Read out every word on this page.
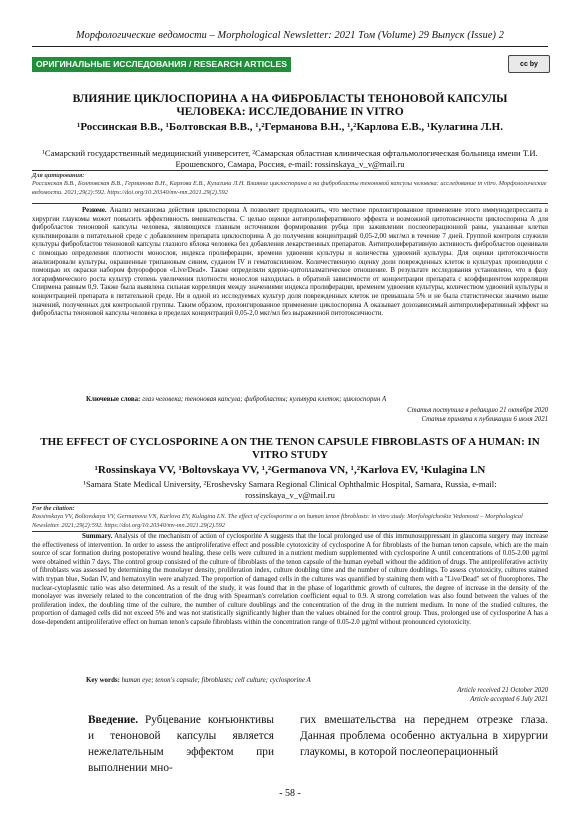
Морфологические ведомости – Morphological Newsletter: 2021 Том (Volume) 29 Выпуск (Issue) 2
ОРИГИНАЛЬНЫЕ ИССЛЕДОВАНИЯ / RESEARCH ARTICLES	cc by
ВЛИЯНИЕ ЦИКЛОСПОРИНА А НА ФИБРОБЛАСТЫ ТЕНОНОВОЙ КАПСУЛЫ ЧЕЛОВЕКА: ИССЛЕДОВАНИЕ IN VITRO
¹Россинская В.В., ¹Болтовская В.В., ¹,²Германова В.Н., ¹,²Карлова Е.В., ¹Кулагина Л.Н.
¹Самарский государственный медицинский университет, ²Самарская областная клиническая офтальмологическая больница имени Т.И. Ерошевского, Самара, Россия, e-mail: rossinskaya_v_v@mail.ru
Для цитирования:
Россинская В.В., Болтовская В.В., Германова В.Н., Карлова Е.В., Кулагина Л.Н. Влияние циклоспорина а на фибробласты теноновой капсулы человека: исследование in vitro. Морфологические ведомости. 2021;29(2):592. https://doi.org/10.20340/mv-mn.2021.29(2).592
Резюме. Анализ механизма действия циклоспорина А позволяет предположить, что местное пролонгированное применение этого иммунодепрессанта в хирургии глаукомы может повысить эффективность вмешательства. С целью оценки антипролиферативного эффекта и возможной цитотоксичности циклоспорина А для фибробластов теноновой капсулы человека, являющихся главным источником формирования рубца при заживлении послеоперационной раны, указанные клетки культивировали в питательной среде с добавлением препарата циклоспорина А до получения концентраций 0,05-2,00 мкг/мл в течение 7 дней. Группой контроля служили культуры фибробластов теноновой капсулы глазного яблока человека без добавления лекарственных препаратов. Антипролиферативную активность фибробластов оценивали с помощью определения плотности монослоя, индекса пролиферации, времени удвоения культуры и количества удвоений культуры. Для оценки цитотоксичности анализировали культуры, окрашенные трипановым синим, суданом IV и гематоксилином. Количественную оценку доли поврежденных клеток в культурах производили с помощью их окраски набором флуорофоров «Live/Dead». Также определяли ядерно-цитоплазматическое отношение. В результате исследования установлено, что в фазу логарифмического роста культур степень увеличения плотности монослоя находилась в обратной зависимости от концентрации препарата с коэффициентом корреляции Спирмена равным 0,9. Также была выявлена сильная корреляция между значениями индекса пролиферации, временем удвоения культуры, количеством удвоений культуры и концентрацией препарата в питательной среде. Ни в одной из исследуемых культур доля поврежденных клеток не превышала 5% и не была статистически значимо выше значений, полученных для контрольной группы. Таким образом, пролонгированное применение циклоспорина А оказывает дозозависимый антипролиферативный эффект на фибробласты теноновой капсулы человека в пределах концентраций 0,05-2,0 мкг/мл без выраженной питотоксичности.
Ключевые слова: глаз человека; теноновая капсула; фибробласты; культура клеток; циклоспорин А
Статья поступила в редакцию 21 октября 2020
Статья принята к публикации 6 июля 2021
THE EFFECT OF CYCLOSPORINE A ON THE TENON CAPSULE FIBROBLASTS OF A HUMAN: IN VITRO STUDY
¹Rossinskaya VV, ¹Boltovskaya VV, ¹,²Germanova VN, ¹,²Karlova EV, ¹Kulagina LN
¹Samara State Medical University, ²Eroshevsky Samara Regional Clinical Ophthalmic Hospital, Samara, Russia, e-mail: rossinskaya_v_v@mail.ru
For the citation:
Rossinskaya VV, Boltovskaya VV, Germanova VN, Karlova EV, Kulagina LN. The effect of cyclosporine a on human tenon fibroblasts: in vitro study. Morfologicheskie Vedomosti – Morphological Newsletter. 2021;29(2):592. https://doi.org/10.20340/mv-mn.2021.29(2).592
Summary. Analysis of the mechanism of action of cyclosporine A suggests that the local prolonged use of this immunosuppressant in glaucoma surgery may increase the effectiveness of intervention. In order to assess the antiproliferative effect and possible cytotoxicity of cyclosporine A for fibroblasts of the human tenon capsule, which are the main source of scar formation during postoperative wound healing, these cells were cultured in a nutrient medium supplemented with cyclosporine A until concentrations of 0.05-2.00 µg/ml were obtained within 7 days. The control group consisted of the culture of fibroblasts of the tenon capsule of the human eyeball without the addition of drugs. The antiproliferative activity of fibroblasts was assessed by determining the monolayer density, proliferation index, culture doubling time and the number of culture doublings. To assess cytotoxicity, cultures stained with trypan blue, Sudan IV, and hematoxylin were analyzed. The proportion of damaged cells in the cultures was quantified by staining them with a "Live/Dead" set of fluorophores. The nuclear-cytoplasmic ratio was also determined. As a result of the study, it was found that in the phase of logarithmic growth of cultures, the degree of increase in the density of the monolayer was inversely related to the concentration of the drug with Spearman's correlation coefficient equal to 0.9. A strong correlation was also found between the values of the proliferation index, the doubling time of the culture, the number of culture doublings and the concentration of the drug in the nutrient medium. In none of the studied cultures, the proportion of damaged cells did not exceed 5% and was not statistically significantly higher than the values obtained for the control group. Thus, prolonged use of cyclosporine A has a dose-dependent antiproliferative effect on human tenon's capsule fibroblasts within the concentration range of 0.05-2.0 µg/ml without pronounced cytotoxicity.
Key words: human eye; tenon's capsule; fibroblasts; cell culture; cyclosporine A
Article received 21 October 2020
Article accepted 6 July 2021
Введение. Рубцевание конъюнктивы и теноновой капсулы является нежелательным эффектом при выполнении мно-
гих вмешательства на переднем отрезке глаза. Данная проблема особенно актуальна в хирургии глаукомы, в которой послеоперационный
- 58 -
